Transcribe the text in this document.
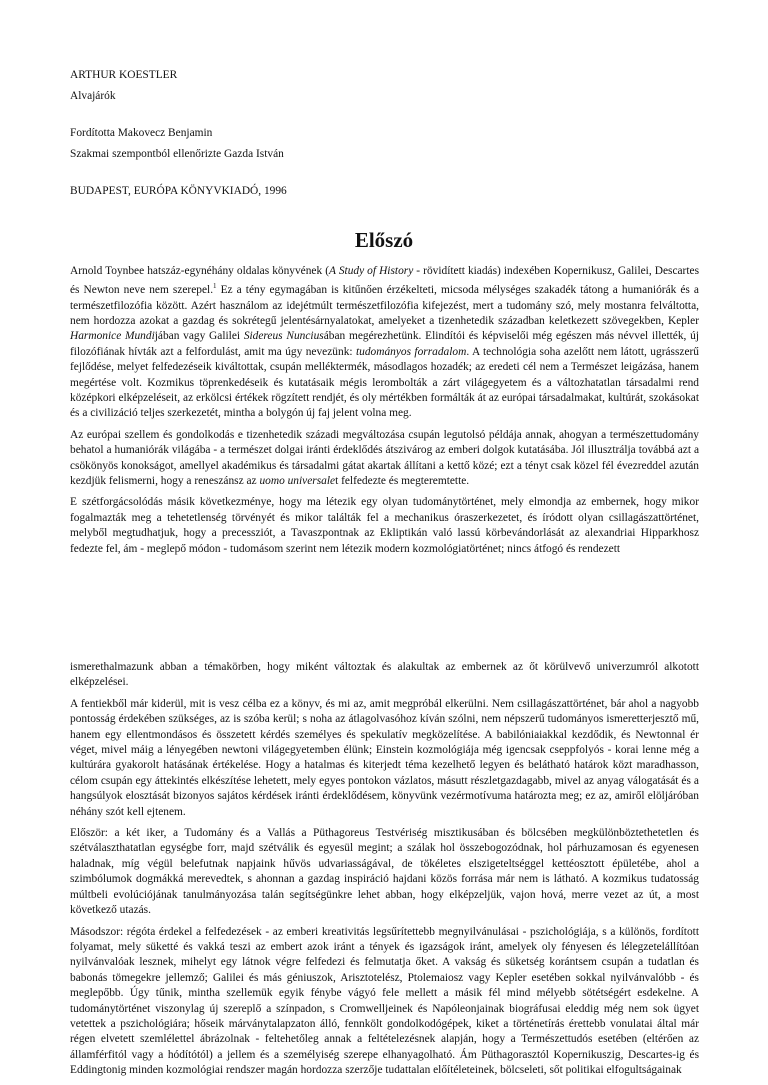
ARTHUR KOESTLER
Alvajárók
Fordította Makovecz Benjamin
Szakmai szempontból ellenőrizte Gazda István
BUDAPEST, EURÓPA KÖNYVKIADÓ, 1996
Előszó

Arnold Toynbee hatszáz-egynéhány oldalas könyvének (A Study of History - rövidített kiadás) indexében Kopernikusz, Galilei, Descartes és Newton neve nem szerepel.$^1$ Ez a tény egymagában is kitűnően érzékelteti, micsoda mélységes szakadék tátong a humaniórák és a természetfilozófia között. Azért használom az idejétmúlt természetfilozófia kifejezést, mert a tudomány szó, mely mostanra felváltotta, nem hordozza azokat a gazdag és sokrétegű jelentésárnyalatokat, amelyeket a tizenhetedik században keletkezett szövegekben, Kepler Harmonice Mundijában vagy Galilei Sidereus Nunciusában megérezhetünk. Elindítói és képviselői még egészen más névvel illették, új filozófiának hívták azt a felfordulást, amit ma úgy nevezünk: tudományos forradalom. A technológia soha azelőtt nem látott, ugrásszerű fejlődése, melyet felfedezéseik kiváltottak, csupán melléktermék, másodlagos hozadék; az eredeti cél nem a Természet leigázása, hanem megértése volt. Kozmikus töprenkedéseik és kutatásaik mégis lerombolták a zárt világegyetem és a változhatatlan társadalmi rend középkori elképzeléseit, az erkölcsi értékek rögzített rendjét, és oly mértékben formálták át az európai társadalmakat, kultúrát, szokásokat és a civilizáció teljes szerkezetét, mintha a bolygón új faj jelent volna meg.

Az európai szellem és gondolkodás e tizenhetedik századi megváltozása csupán legutolsó példája annak, ahogyan a természettudomány behatol a humaniórák világába - a természet dolgai iránti érdeklődés átszivárog az emberi dolgok kutatásába. Jól illusztrálja továbbá azt a csökönyös konokságot, amellyel akadémikus és társadalmi gátat akartak állítani a kettő közé; ezt a tényt csak közel fél évezreddel azután kezdjük felismerni, hogy a reneszánsz az uomo universalet felfedezte és megteremtette.

E szétforgácsolódás másik következménye, hogy ma létezik egy olyan tudománytörténet, mely elmondja az embernek, hogy mikor fogalmazták meg a tehetetlenség törvényét és mikor találták fel a mechanikus óraszerkezetet, és íródott olyan csillagászattörténet, melyből megtudhatjuk, hogy a precessziót, a Tavaszpontnak az Ekliptikán való lassú körbevándorlását az alexandriai Hipparkhosz fedezte fel, ám - meglepő módon - tudomásom szerint nem létezik modern kozmológiatörténet; nincs átfogó és rendezett

ismerethalmazunk abban a témakörben, hogy miként változtak és alakultak az embernek az őt körülvevő univerzumról alkotott elképzelései.

A fentiekből már kiderül, mit is vesz célba ez a könyv, és mi az, amit megpróbál elkerülni. Nem csillagászattörténet, bár ahol a nagyobb pontosság érdekében szükséges, az is szóba kerül; s noha az átlagolvasóhoz kíván szólni, nem népszerű tudományos ismeretterjesztő mű, hanem egy ellentmondásos és összetett kérdés személyes és spekulatív megközelítése. A babilóniaiakkal kezdődik, és Newtonnal ér véget, mivel máig a lényegében newtoni világegyetemben élünk; Einstein kozmológiája még igencsak cseppfolyós - korai lenne még a kultúrára gyakorolt hatásának értékelése. Hogy a hatalmas és kiterjedt téma kezelhető legyen és belátható határok közt maradhasson, célom csupán egy áttekintés elkészítése lehetett, mely egyes pontokon vázlatos, másutt részletgazdagabb, mivel az anyag válogatását és a hangsúlyok elosztását bizonyos sajátos kérdések iránti érdeklődésem, könyvünk vezérmotívuma határozta meg; ez az, amiről elöljáróban néhány szót kell ejtenem.

Először: a két iker, a Tudomány és a Vallás a Püthagoreus Testvériség misztikusában és bölcsében megkülönböztethetetlen és szétválaszthatatlan egységbe forr, majd szétválik és egyesül megint; a szálak hol összebogozódnak, hol párhuzamosan és egyenesen haladnak, míg végül belefutnak napjaink hűvös udvariasságával, de tökéletes elszigeteltséggel kettéosztott épületébe, ahol a szimbólumok dogmákká merevedtek, s ahonnan a gazdag inspiráció hajdani közös forrása már nem is látható. A kozmikus tudatosság múltbeli evolúciójának tanulmányozása talán segítségünkre lehet abban, hogy elképzeljük, vajon hová, merre vezet az út, a most következő utazás.

Másodszor: régóta érdekel a felfedezések - az emberi kreativitás legsűrítettebb megnyilvánulásai - pszichológiája, s a különös, fordított folyamat, mely süketté és vakká teszi az embert azok iránt a tények és igazságok iránt, amelyek oly fényesen és lélegzetelállítóan nyilvánvalóak lesznek, mihelyt egy látnok végre felfedezi és felmutatja őket. A vakság és süketség korántsem csupán a tudatlan és babonás tömegekre jellemző; Galilei és más géniuszok, Arisztotelész, Ptolemaiosz vagy Kepler esetében sokkal nyilvánvalóbb - és meglepőbb. Úgy tűnik, mintha szellemük egyik fénybe vágyó fele mellett a másik fél mind mélyebb sötétségért esdekelne. A tudománytörténet viszonylag új szereplő a színpadon, s Cromwelljeinek és Napóleonjainak biográfusai eleddig még nem sok ügyet vetettek a pszichológiára; hőseik márványtalapzaton álló, fennkölt gondolkodógépek, kiket a történetírás érettebb vonulatai által már régen elvetett szemlélettel ábrázolnak - feltehetőleg annak a feltételezésnek alapján, hogy a Természettudós esetében (eltérően az államférfitól vagy a hódítótól) a jellem és a személyiség szerepe elhanyagolható. Ám Püthagorasztól Kopernikuszig, Descartes-ig és Eddingtonig minden kozmológiai rendszer magán hordozza szerzője tudattalan előítéleteinek, bölcseleti, sőt politikai elfogultságainak
